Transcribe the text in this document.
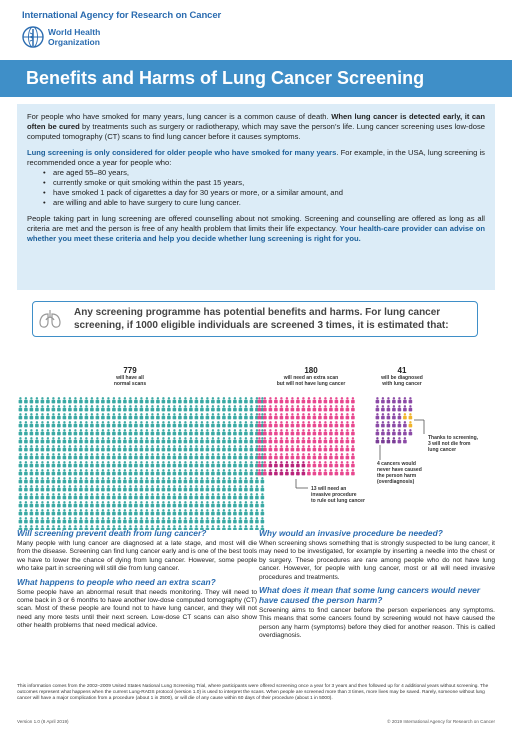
International Agency for Research on Cancer
World Health
Organization
Benefits and Harms of Lung Cancer Screening

For people who have smoked for many years, lung cancer is a common cause of death. When lung cancer is detected early, it can often be cured by treatments such as surgery or radiotherapy, which may save the person’s life. Lung cancer screening uses low-dose computed tomography (CT) scans to find lung cancer before it causes symptoms.

Lung screening is only considered for older people who have smoked for many years. For example, in the USA, lung screening is recommended once a year for people who:

• are aged 55–80 years,
• currently smoke or quit smoking within the past 15 years,
• have smoked 1 pack of cigarettes a day for 30 years or more, or a similar amount, and
• are willing and able to have surgery to cure lung cancer.

People taking part in lung screening are offered counselling about not smoking. Screening and counselling are offered as long as all criteria are met and the person is free of any health problem that limits their life expectancy. Your health-care provider can advise on whether you meet these criteria and help you decide whether lung screening is right for you.

Any screening programme has potential benefits and harms. For lung cancer screening, if 1000 eligible individuals are screened 3 times, it is estimated that:
779
will have all
normal scans
180
will need an extra scan
but will not have lung cancer
41
will be diagnosed
with lung cancer
13 will need an
invasive procedure
to rule out lung cancer
4 cancers would
never have caused
the person harm
(overdiagnosis)
Thanks to screening,
3 will not die from
lung cancer
Will screening prevent death from lung cancer?

Many people with lung cancer are diagnosed at a late stage, and most will die from the disease. Screening can find lung cancer early and is one of the best tools we have to lower the chance of dying from lung cancer. However, some people who take part in screening will still die from lung cancer.

What happens to people who need an extra scan?

Some people have an abnormal result that needs monitoring. They will need to come back in 3 or 6 months to have another low-dose computed tomography (CT) scan. Most of these people are found not to have lung cancer, and they will not need any more tests until their next screen. Low-dose CT scans can also show other health problems that need medical advice.

Why would an invasive procedure be needed?

When screening shows something that is strongly suspected to be lung cancer, it may need to be investigated, for example by inserting a needle into the chest or by surgery. These procedures are rare among people who do not have lung cancer. However, for people with lung cancer, most or all will need invasive procedures and treatments.

What does it mean that some lung cancers would never have caused the person harm?

Screening aims to find cancer before the person experiences any symptoms. This means that some cancers found by screening would not have caused the person any harm (symptoms) before they died for another reason. This is called overdiagnosis.

This information comes from the 2002–2009 United States National Lung Screening Trial, where participants were offered screening once a year for 3 years and then followed up for 4 additional years without screening. The outcomes represent what happens when the current Lung-RADS protocol (version 1.0) is used to interpret the scans. When people are screened more than 3 times, more lives may be saved. Rarely, someone without lung cancer will have a major complication from a procedure (about 1 in 2500), or will die of any cause within 60 days of their procedure (about 1 in 5000).
Version 1.0 (8 April 2019)	© 2019 International Agency for Research on Cancer
